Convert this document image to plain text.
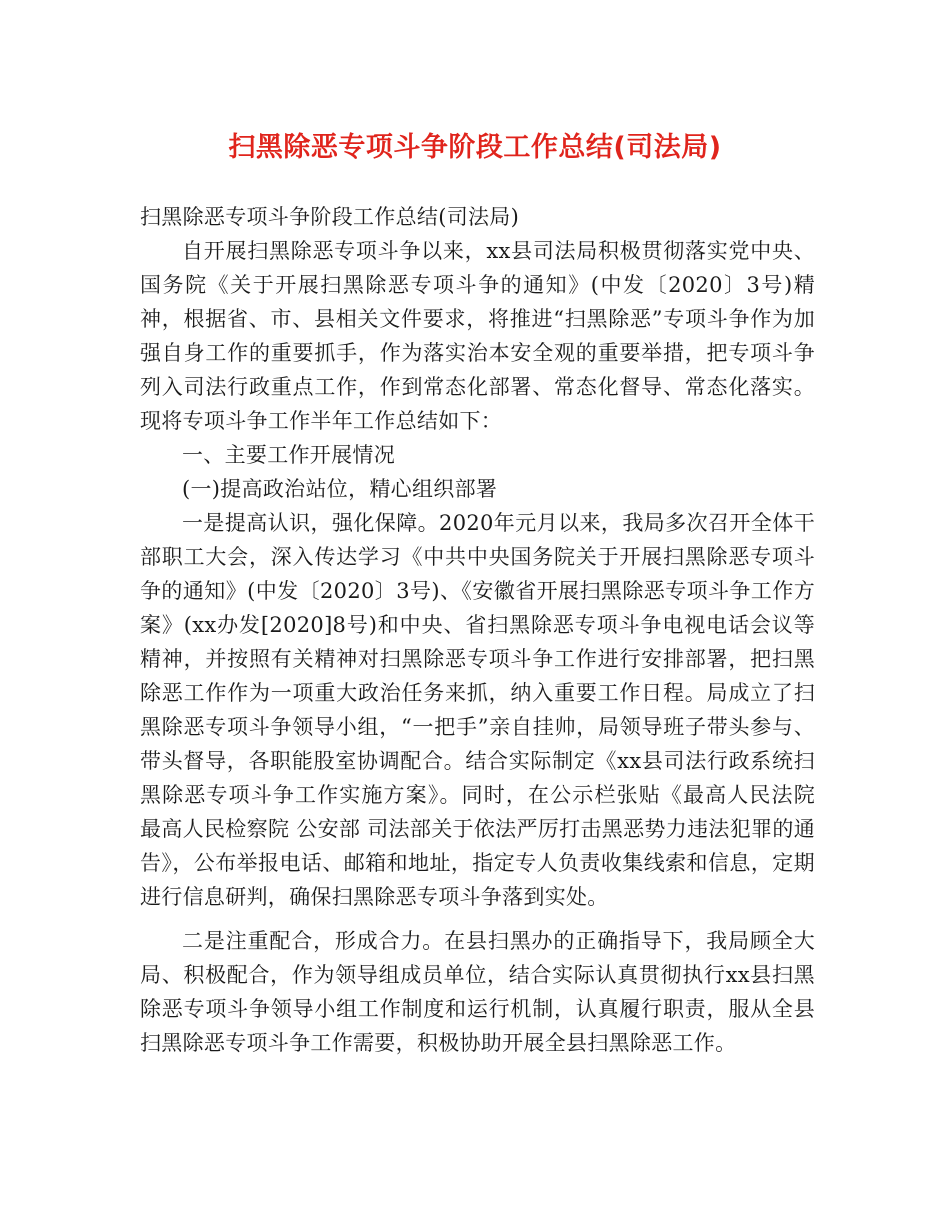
扫黑除恶专项斗争阶段工作总结(司法局)

扫黑除恶专项斗争阶段工作总结(司法局)

自开展扫黑除恶专项斗争以来，xx县司法局积极贯彻落实党中央、国务院《关于开展扫黑除恶专项斗争的通知》(中发〔2020〕3号)精神，根据省、市、县相关文件要求，将推进“扫黑除恶”专项斗争作为加强自身工作的重要抓手，作为落实治本安全观的重要举措，把专项斗争列入司法行政重点工作，作到常态化部署、常态化督导、常态化落实。现将专项斗争工作半年工作总结如下：

一、主要工作开展情况

(一)提高政治站位，精心组织部署

一是提高认识，强化保障。2020年元月以来，我局多次召开全体干部职工大会，深入传达学习《中共中央国务院关于开展扫黑除恶专项斗争的通知》(中发〔2020〕3号)、《安徽省开展扫黑除恶专项斗争工作方案》(xx办发[2020]8号)和中央、省扫黑除恶专项斗争电视电话会议等精神，并按照有关精神对扫黑除恶专项斗争工作进行安排部署，把扫黑除恶工作作为一项重大政治任务来抓，纳入重要工作日程。局成立了扫黑除恶专项斗争领导小组，“一把手”亲自挂帅，局领导班子带头参与、带头督导，各职能股室协调配合。结合实际制定《xx县司法行政系统扫黑除恶专项斗争工作实施方案》。同时，在公示栏张贴《最高人民法院 最高人民检察院 公安部 司法部关于依法严厉打击黑恶势力违法犯罪的通告》，公布举报电话、邮箱和地址，指定专人负责收集线索和信息，定期进行信息研判，确保扫黑除恶专项斗争落到实处。

二是注重配合，形成合力。在县扫黑办的正确指导下，我局顾全大局、积极配合，作为领导组成员单位，结合实际认真贯彻执行xx县扫黑除恶专项斗争领导小组工作制度和运行机制，认真履行职责，服从全县扫黑除恶专项斗争工作需要，积极协助开展全县扫黑除恶工作。
